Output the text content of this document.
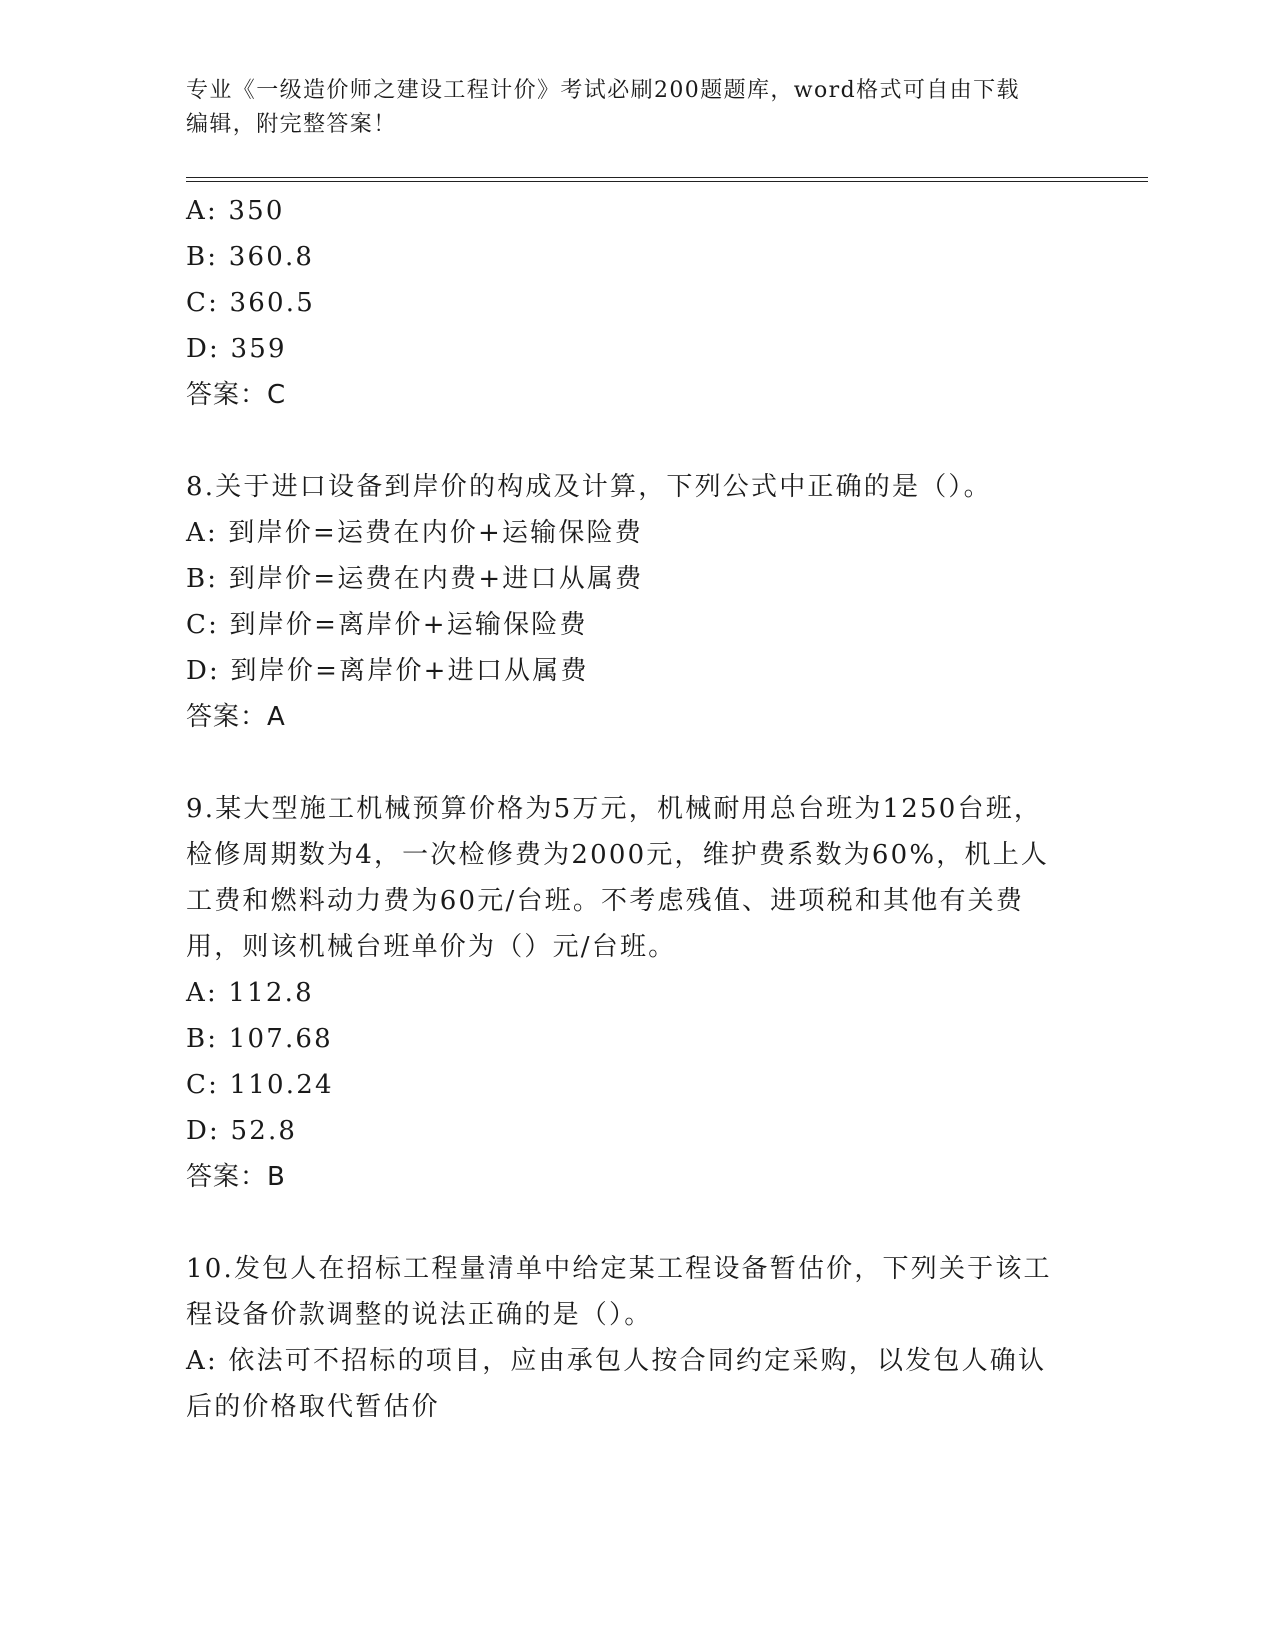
专业《一级造价师之建设工程计价》考试必刷200题题库，word格式可自由下载
编辑，附完整答案！
A: 350
B: 360.8
C: 360.5
D: 359
答案：C
8.关于进口设备到岸价的构成及计算，下列公式中正确的是（）。
A: 到岸价=运费在内价+运输保险费
B: 到岸价=运费在内费+进口从属费
C: 到岸价=离岸价+运输保险费
D: 到岸价=离岸价+进口从属费
答案：A
9.某大型施工机械预算价格为5万元，机械耐用总台班为1250台班，
检修周期数为4，一次检修费为2000元，维护费系数为60%，机上人
工费和燃料动力费为60元/台班。不考虑残值、进项税和其他有关费
用，则该机械台班单价为（）元/台班。
A: 112.8
B: 107.68
C: 110.24
D: 52.8
答案：B
10.发包人在招标工程量清单中给定某工程设备暂估价，下列关于该工
程设备价款调整的说法正确的是（）。
A: 依法可不招标的项目，应由承包人按合同约定采购，以发包人确认
后的价格取代暂估价
